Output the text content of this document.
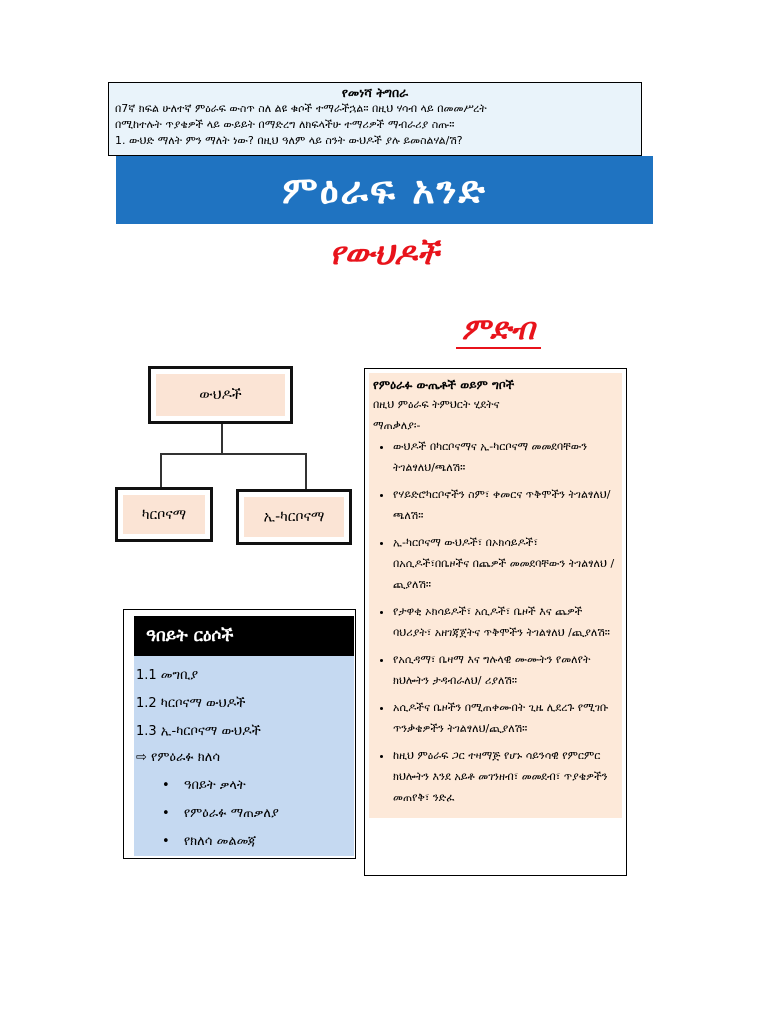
የመነሻ ትግበራ
በ7ኛ ክፍል ሁለተኛ ምዕራፍ ውስጥ ስለ ልዩ ቁሶች ተማራችኋል። በዚህ ሃሳብ ላይ በመመሥረት
በሚከተሉት ጥያቄዎች ላይ ውይይት በማድረግ ለክፍላችሁ ተማሪዎች ማብራሪያ ስጡ።
1. ውህድ ማለት ምን ማለት ነው? በዚህ ዓለም ላይ ስንት ውህዶች ያሉ ይመስልሃል/ሽ?
ምዕራፍ አንድ
የውህዶች
ምድብ
ውህዶች
ካርቦናማ	ኢ-ካርቦናማ
ዓበይት ርዕሶች
1.1 መግቢያ
1.2 ካርቦናማ ውህዶች
1.3 ኢ-ካርቦናማ ውህዶች
⇨ የምዕራፉ ክለሳ
• ዓበይት ቃላት
• የምዕራፉ ማጠቃለያ
• የክለሳ መልመጃ
የምዕራፉ ውጤቶች ወይም ግቦች
በዚህ ምዕራፍ ትምህርት ሂደትና
ማጠቃለያ፡-
• ውህዶች በካርቦናማና ኢ-ካርቦናማ መመደባቸውን ትገልፃለህ/ጫለሽ።
• የሃይድሮካርቦኖችን ስም፣ ቀመርና ጥቅሞችን ትገልፃለህ/ጫለሽ።
• ኢ-ካርቦናማ ውህዶች፣ በኦክሳይዶች፣ በአሲዶች፣በቤዞችና በጨዎች መመደባቸውን ትገልፃለህ /ጪያለሽ።
• የታዋቂ ኦክሳይዶች፣ አሲዶች፣ ቤዞች እና ጨዎች ባህሪያት፣ አዘገጃጀትና ጥቅሞችን ትገልፃለህ /ጪያለሽ።
• የአሲዳማ፣ ቤዛማ እና ግሉላዊ ሙሙትን የመለየት ክህሎትን ታዳብራለህ/ ሪያለሽ።
• አሲዶችና ቤዞችን በሚጠቀሙበት ጊዜ ሊደረጉ የሚገቡ ጥንቃቄዎችን ትገልፃለህ/ጪያለሽ።
• ከዚህ ምዕራፍ ጋር ተዛማጅ የሆኑ ሳይንሳዊ የምርምር ክህሎትን እንደ አይቶ መገንዘብ፣ መመደብ፣ ጥያቄዎችን መጠየቅ፣ ንድፈ
